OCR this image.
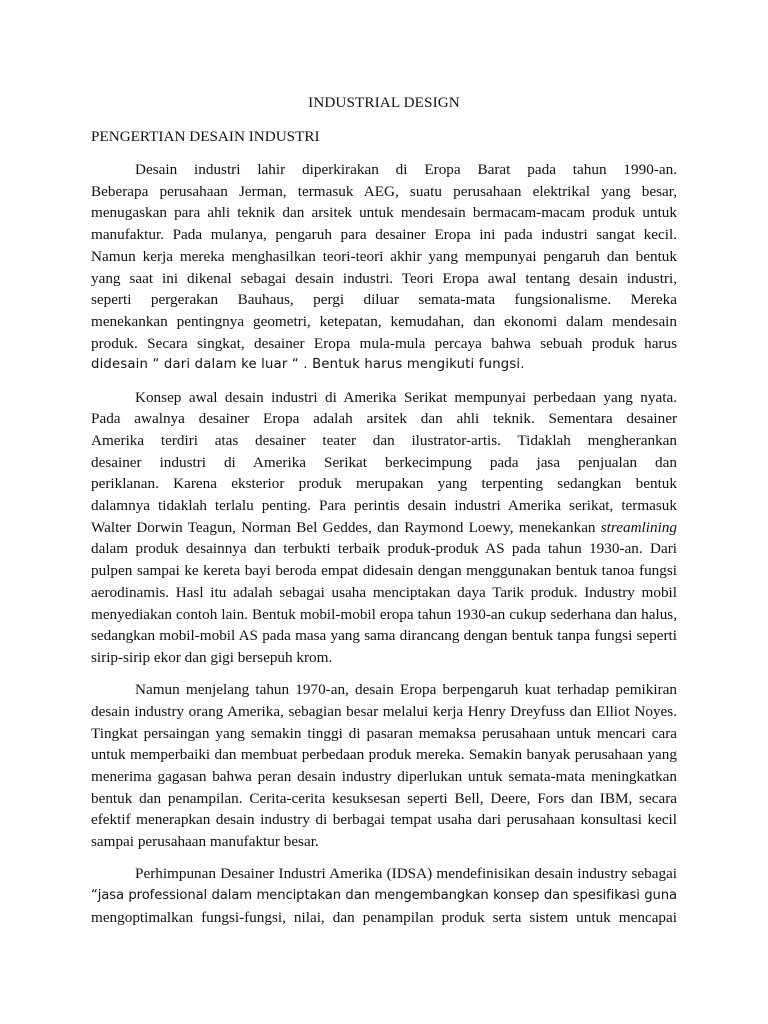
INDUSTRIAL DESIGN
PENGERTIAN DESAIN INDUSTRI

Desain industri lahir diperkirakan di Eropa Barat pada tahun 1990-an.
Beberapa perusahaan Jerman, termasuk AEG, suatu perusahaan elektrikal yang besar,
menugaskan para ahli teknik dan arsitek untuk mendesain bermacam-macam produk untuk
manufaktur. Pada mulanya, pengaruh para desainer Eropa ini pada industri sangat kecil.
Namun kerja mereka menghasilkan teori-teori akhir yang mempunyai pengaruh dan bentuk
yang saat ini dikenal sebagai desain industri. Teori Eropa awal tentang desain industri,
seperti pergerakan Bauhaus, pergi diluar semata-mata fungsionalisme. Mereka
menekankan pentingnya geometri, ketepatan, kemudahan, dan ekonomi dalam mendesain
produk. Secara singkat, desainer Eropa mula-mula percaya bahwa sebuah produk harus
didesain “ dari dalam ke luar “ . Bentuk harus mengikuti fungsi.

Konsep awal desain industri di Amerika Serikat mempunyai perbedaan yang nyata.
Pada awalnya desainer Eropa adalah arsitek dan ahli teknik. Sementara desainer
Amerika terdiri atas desainer teater dan ilustrator-artis. Tidaklah mengherankan
desainer industri di Amerika Serikat berkecimpung pada jasa penjualan dan
periklanan. Karena eksterior produk merupakan yang terpenting sedangkan bentuk
dalamnya tidaklah terlalu penting. Para perintis desain industri Amerika serikat, termasuk
Walter Dorwin Teagun, Norman Bel Geddes, dan Raymond Loewy, menekankan streamlining
dalam produk desainnya dan terbukti terbaik produk-produk AS pada tahun 1930-an. Dari
pulpen sampai ke kereta bayi beroda empat didesain dengan menggunakan bentuk tanoa fungsi
aerodinamis. Hasl itu adalah sebagai usaha menciptakan daya Tarik produk. Industry mobil
menyediakan contoh lain. Bentuk mobil-mobil eropa tahun 1930-an cukup sederhana dan halus,
sedangkan mobil-mobil AS pada masa yang sama dirancang dengan bentuk tanpa fungsi seperti
sirip-sirip ekor dan gigi bersepuh krom.

Namun menjelang tahun 1970-an, desain Eropa berpengaruh kuat terhadap pemikiran
desain industry orang Amerika, sebagian besar melalui kerja Henry Dreyfuss dan Elliot Noyes.
Tingkat persaingan yang semakin tinggi di pasaran memaksa perusahaan untuk mencari cara
untuk memperbaiki dan membuat perbedaan produk mereka. Semakin banyak perusahaan yang
menerima gagasan bahwa peran desain industry diperlukan untuk semata-mata meningkatkan
bentuk dan penampilan. Cerita-cerita kesuksesan seperti Bell, Deere, Fors dan IBM, secara
efektif menerapkan desain industry di berbagai tempat usaha dari perusahaan konsultasi kecil
sampai perusahaan manufaktur besar.

Perhimpunan Desainer Industri Amerika (IDSA) mendefinisikan desain industry sebagai
“jasa professional dalam menciptakan dan mengembangkan konsep dan spesifikasi guna
mengoptimalkan fungsi-fungsi, nilai, dan penampilan produk serta sistem untuk mencapai
